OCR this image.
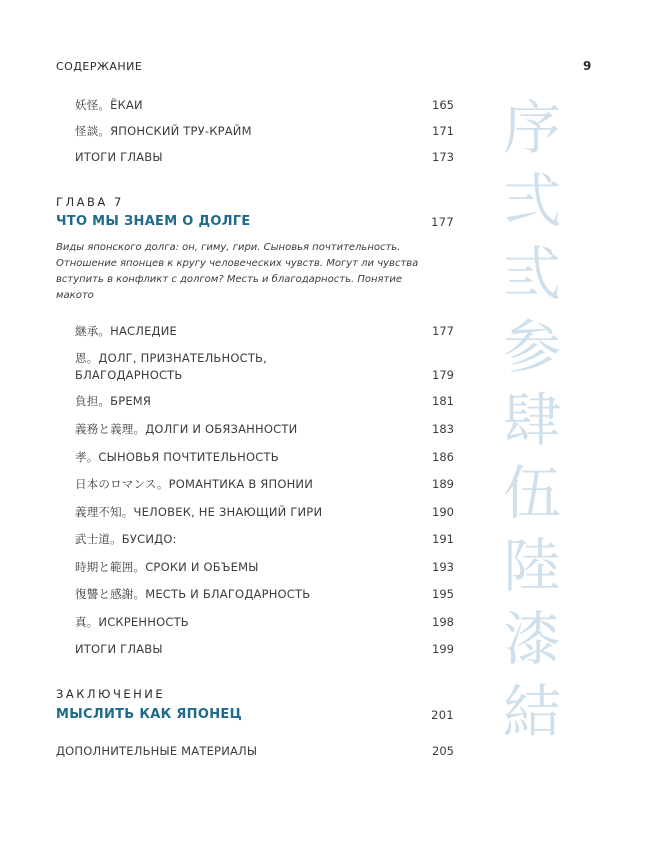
СОДЕРЖАНИЕ	9
妖怪。ЁКАИ	165
怪談。ЯПОНСКИЙ ТРУ-КРАЙМ	171
ИТОГИ ГЛАВЫ	173
ГЛАВА 7
ЧТО МЫ ЗНАЕМ О ДОЛГЕ	177
Виды японского долга: он, гиму, гири. Сыновья почтительность. Отношение японцев к кругу человеческих чувств. Могут ли чувства вступить в конфликт с долгом? Месть и благодарность. Понятие макото
継承。НАСЛЕДИЕ	177
恩。ДОЛГ, ПРИЗНАТЕЛЬНОСТЬ, БЛАГОДАРНОСТЬ	179
負担。БРЕМЯ	181
義務と義理。ДОЛГИ И ОБЯЗАННОСТИ	183
孝。СЫНОВЬЯ ПОЧТИТЕЛЬНОСТЬ	186
日本のロマンス。РОМАНТИКА В ЯПОНИИ	189
義理不知。ЧЕЛОВЕК, НЕ ЗНАЮЩИЙ ГИРИ	190
武士道。БУСИДО:	191
時期と範囲。СРОКИ И ОБЪЕМЫ	193
復讐と感謝。МЕСТЬ И БЛАГОДАРНОСТЬ	195
真。ИСКРЕННОСТЬ	198
ИТОГИ ГЛАВЫ	199
ЗАКЛЮЧЕНИЕ
МЫСЛИТЬ КАК ЯПОНЕЦ	201
ДОПОЛНИТЕЛЬНЫЕ МАТЕРИАЛЫ	205
序
弍
弎
参
肆
伍
陸
漆
結
